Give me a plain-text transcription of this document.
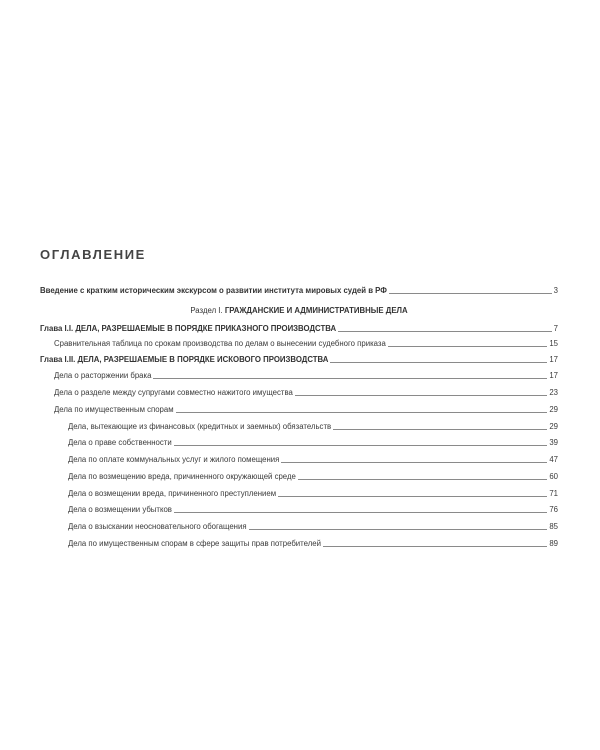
ОГЛАВЛЕНИЕ
Введение с кратким историческим экскурсом о развитии института мировых судей в РФ	3
Раздел I. ГРАЖДАНСКИЕ И АДМИНИСТРАТИВНЫЕ ДЕЛА
Глава I.I. ДЕЛА, РАЗРЕШАЕМЫЕ В ПОРЯДКЕ ПРИКАЗНОГО ПРОИЗВОДСТВА	7
Сравнительная таблица по срокам производства по делам о вынесении судебного приказа	15
Глава I.II. ДЕЛА, РАЗРЕШАЕМЫЕ В ПОРЯДКЕ ИСКОВОГО ПРОИЗВОДСТВА	17
Дела о расторжении брака	17
Дела о разделе между супругами совместно нажитого имущества	23
Дела по имущественным спорам	29
Дела, вытекающие из финансовых (кредитных и заемных) обязательств	29
Дела о праве собственности	39
Дела по оплате коммунальных услуг и жилого помещения	47
Дела по возмещению вреда, причиненного окружающей среде	60
Дела о возмещении вреда, причиненного преступлением	71
Дела о возмещении убытков	76
Дела о взыскании неосновательного обогащения	85
Дела по имущественным спорам в сфере защиты прав потребителей	89
